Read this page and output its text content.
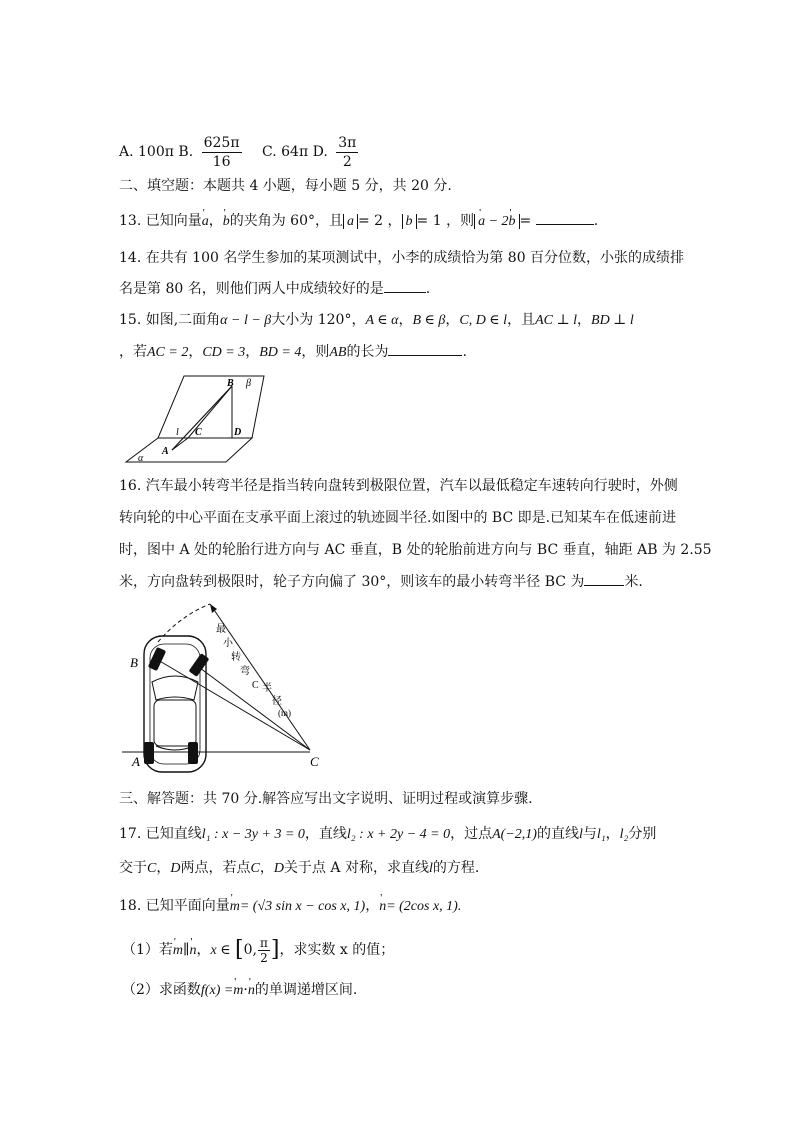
A. 100π B. $\frac{625\pi}{16} C$. 64π D. $\frac{3\pi}{2}$
二、填空题：本题共 4 小题，每小题 5 分，共 20 分.
13. 已知向量' a，' b的夹角为 60°，且 a = 2 ， b = 1 ，则' a − 2' b =	.
14. 在共有 100 名学生参加的某项测试中，小李的成绩恰为第 80 百分位数，小张的成绩排
名是第 80 名，则他们两人中成绩较好的是	.
15. 如图,二面角α − l − β大小为 120°，A ∈ α，B ∈ β，C, D ∈ l，且AC ⊥ l，BD ⊥ l
，若AC = 2，CD = 3，BD = 4，则AB的长为	.
B β
l C	D
A
α
16. 汽车最小转弯半径是指当转向盘转到极限位置，汽车以最低稳定车速转向行驶时，外侧
转向轮的中心平面在支承平面上滚过的轨迹圆半径.如图中的 BC 即是.已知某车在低速前进
时，图中 A 处的轮胎行进方向与 AC 垂直，B 处的轮胎前进方向与 BC 垂直，轴距 AB 为 2.55
米，方向盘转到极限时，轮子方向偏了 30°，则该车的最小转弯半径 BC 为	米.
B
A	C
最
小
转
弯
C 半
径
(m)
三、解答题：共 70 分.解答应写出文字说明、证明过程或演算步骤.
17. 已知直线l₁ : x − 3y + 3 = 0，直线l₂ : x + 2y − 4 = 0，过点A(−2,1)的直线l与l₁，l₂分别
交于C，D两点，若点C，D关于点 A 对称，求直线l的方程.
18. 已知平面向量' m= (√3 sin x − cos x, 1)，' n= (2cos x, 1).
（1）若' m∥' n，x ∈ [0, $\frac{\pi}{2}$ ]，求实数 x 的值；
（2）求函数f(x) =' m·' n的单调递增区间.
